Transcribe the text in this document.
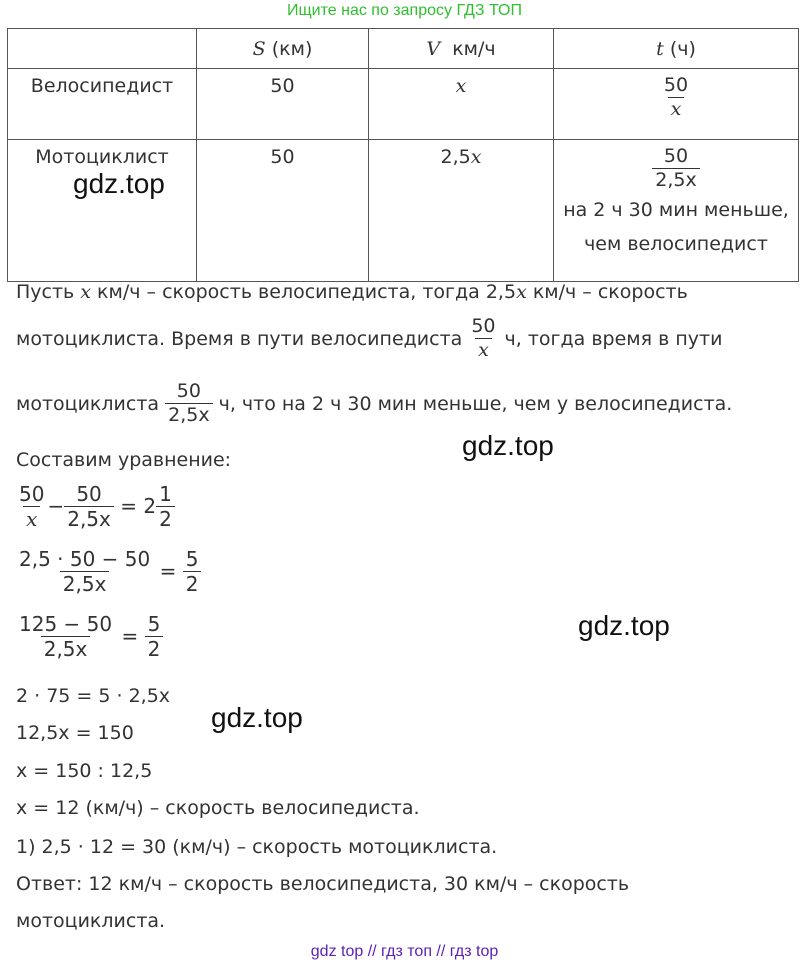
Ищите нас по запросу ГДЗ ТОП
	S (км)	V км/ч	t (ч)
Велосипедист	50	x	$\frac{50}{x}$

Мотоциклист	50	2,5x	$\frac{50}{2,5x}$

на 2 ч 30 мин меньше,
чем велосипедист
Пусть x км/ч – скорость велосипедиста, тогда 2,5x км/ч – скорость
мотоциклиста. Время в пути велосипедиста $\frac{50}{x} ч$, тогда время в пути
мотоциклиста $\frac{50}{2,5x} ч$, что на 2 ч 30 мин меньше, чем у велосипедиста.
Составим уравнение:
$\frac{50}{x} - \frac{50}{2,5x} = 2 \frac{1}{2}$
$\frac{2,5 \cdot 50 - 50}{2,5x} = \frac{5}{2}$
$\frac{125 - 50}{2,5x} = \frac{5}{2}$
2 · 75 = 5 · 2,5x
12,5x = 150
x = 150 : 12,5
x = 12 (км/ч) – скорость велосипедиста.
1) 2,5 · 12 = 30 (км/ч) – скорость мотоциклиста.
Ответ: 12 км/ч – скорость велосипедиста, 30 км/ч – скорость
мотоциклиста.
gdz.top
gdz.top
gdz.top
gdz.top
gdz top // гдз топ // гдз top
